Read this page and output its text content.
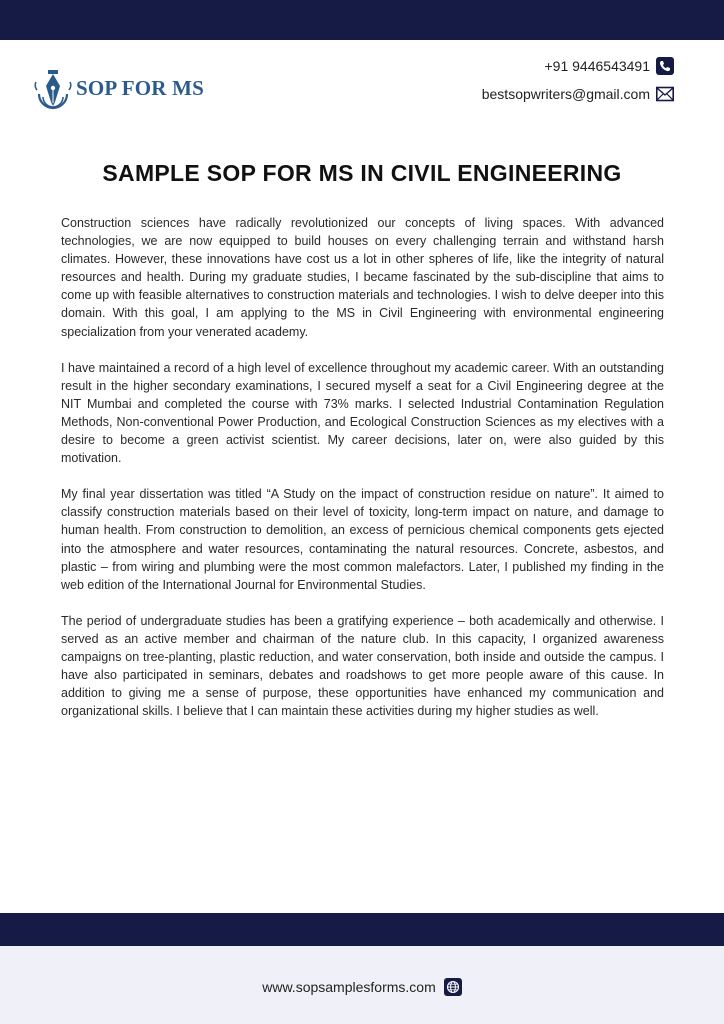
SOP FOR MS
+91 9446543491
bestsopwriters@gmail.com
SAMPLE SOP FOR MS IN CIVIL ENGINEERING

Construction sciences have radically revolutionized our concepts of living spaces. With advanced technologies, we are now equipped to build houses on every challenging terrain and withstand harsh climates. However, these innovations have cost us a lot in other spheres of life, like the integrity of natural resources and health. During my graduate studies, I became fascinated by the sub-discipline that aims to come up with feasible alternatives to construction materials and technologies. I wish to delve deeper into this domain. With this goal, I am applying to the MS in Civil Engineering with environmental engineering specialization from your venerated academy.

I have maintained a record of a high level of excellence throughout my academic career. With an outstanding result in the higher secondary examinations, I secured myself a seat for a Civil Engineering degree at the NIT Mumbai and completed the course with 73% marks. I selected Industrial Contamination Regulation Methods, Non-conventional Power Production, and Ecological Construction Sciences as my electives with a desire to become a green activist scientist. My career decisions, later on, were also guided by this motivation.

My final year dissertation was titled “A Study on the impact of construction residue on nature”. It aimed to classify construction materials based on their level of toxicity, long-term impact on nature, and damage to human health. From construction to demolition, an excess of pernicious chemical components gets ejected into the atmosphere and water resources, contaminating the natural resources. Concrete, asbestos, and plastic – from wiring and plumbing were the most common malefactors. Later, I published my finding in the web edition of the International Journal for Environmental Studies.

The period of undergraduate studies has been a gratifying experience – both academically and otherwise. I served as an active member and chairman of the nature club. In this capacity, I organized awareness campaigns on tree-planting, plastic reduction, and water conservation, both inside and outside the campus. I have also participated in seminars, debates and roadshows to get more people aware of this cause. In addition to giving me a sense of purpose, these opportunities have enhanced my communication and organizational skills. I believe that I can maintain these activities during my higher studies as well.

www.sopsamplesforms.com
